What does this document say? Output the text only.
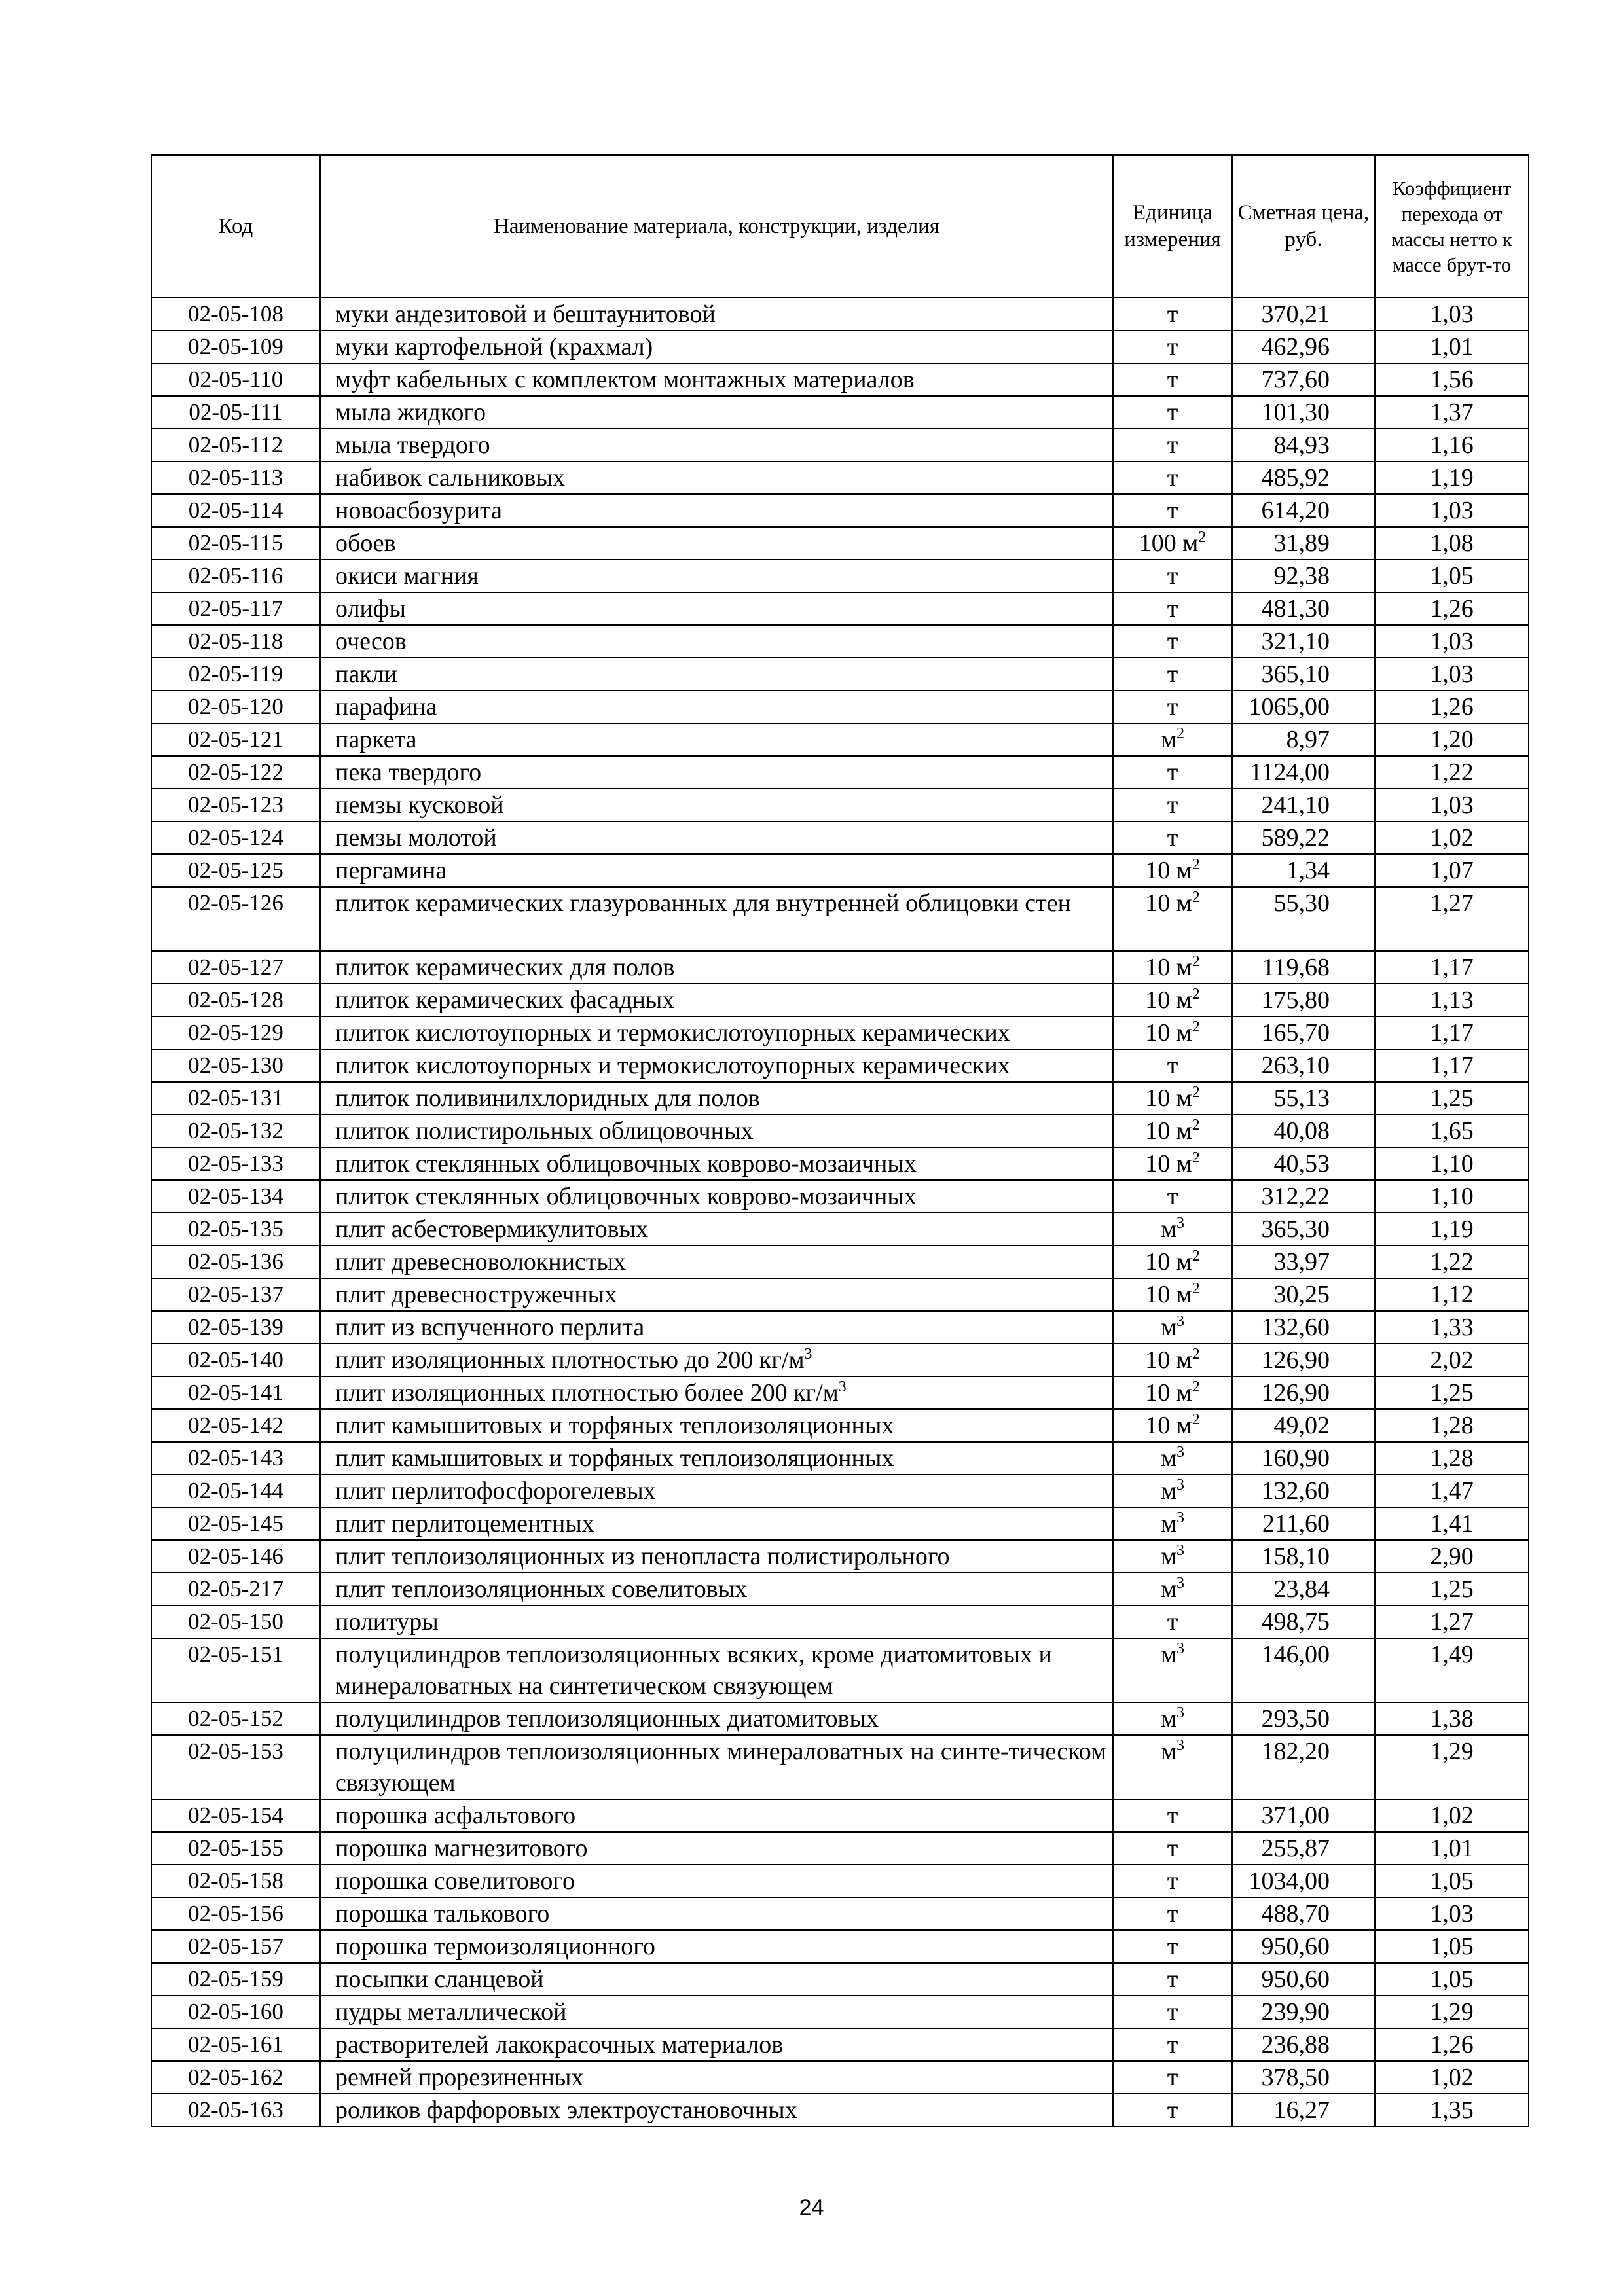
Код	Наименование материала, конструкции, изделия	Единица измерения	Сметная цена, руб.	Коэффициент перехода от массы нетто к массе брут-то
02-05-108	муки андезитовой и бештаунитовой	т	370,21	1,03
02-05-109	муки картофельной (крахмал)	т	462,96	1,01
02-05-110	муфт кабельных с комплектом монтажных материалов	т	737,60	1,56
02-05-111	мыла жидкого	т	101,30	1,37
02-05-112	мыла твердого	т	84,93	1,16
02-05-113	набивок сальниковых	т	485,92	1,19
02-05-114	новоасбозурита	т	614,20	1,03
02-05-115	обоев	100 $м^2$	31,89	1,08
02-05-116	окиси магния	т	92,38	1,05
02-05-117	олифы	т	481,30	1,26
02-05-118	очесов	т	321,10	1,03
02-05-119	пакли	т	365,10	1,03
02-05-120	парафина	т	1065,00	1,26
02-05-121	паркета	$м^2$	8,97	1,20
02-05-122	пека твердого	т	1124,00	1,22
02-05-123	пемзы кусковой	т	241,10	1,03
02-05-124	пемзы молотой	т	589,22	1,02
02-05-125	пергамина	10 $м^2$	1,34	1,07
02-05-126	плиток керамических глазурованных для внутренней облицовки стен	10 $м^2$	55,30	1,27
02-05-127	плиток керамических для полов	10 $м^2$	119,68	1,17
02-05-128	плиток керамических фасадных	10 $м^2$	175,80	1,13
02-05-129	плиток кислотоупорных и термокислотоупорных керамических	10 $м^2$	165,70	1,17
02-05-130	плиток кислотоупорных и термокислотоупорных керамических	т	263,10	1,17
02-05-131	плиток поливинилхлоридных для полов	10 $м^2$	55,13	1,25
02-05-132	плиток полистирольных облицовочных	10 $м^2$	40,08	1,65
02-05-133	плиток стеклянных облицовочных коврово-мозаичных	10 $м^2$	40,53	1,10
02-05-134	плиток стеклянных облицовочных коврово-мозаичных	т	312,22	1,10
02-05-135	плит асбестовермикулитовых	$м^3$	365,30	1,19
02-05-136	плит древесноволокнистых	10 $м^2$	33,97	1,22
02-05-137	плит древесностружечных	10 $м^2$	30,25	1,12
02-05-139	плит из вспученного перлита	$м^3$	132,60	1,33
02-05-140	плит изоляционных плотностью до 200 $кг/м^3$	10 $м^2$	126,90	2,02
02-05-141	плит изоляционных плотностью более 200 $кг/м^3$	10 $м^2$	126,90	1,25
02-05-142	плит камышитовых и торфяных теплоизоляционных	10 $м^2$	49,02	1,28
02-05-143	плит камышитовых и торфяных теплоизоляционных	$м^3$	160,90	1,28
02-05-144	плит перлитофосфорогелевых	$м^3$	132,60	1,47
02-05-145	плит перлитоцементных	$м^3$	211,60	1,41
02-05-146	плит теплоизоляционных из пенопласта полистирольного	$м^3$	158,10	2,90
02-05-217	плит теплоизоляционных совелитовых	$м^3$	23,84	1,25
02-05-150	политуры	т	498,75	1,27
02-05-151	полуцилиндров теплоизоляционных всяких, кроме диатомитовых и минераловатных на синтетическом связующем	$м^3$	146,00	1,49
02-05-152	полуцилиндров теплоизоляционных диатомитовых	$м^3$	293,50	1,38
02-05-153	полуцилиндров теплоизоляционных минераловатных на синте-тическом связующем	$м^3$	182,20	1,29
02-05-154	порошка асфальтового	т	371,00	1,02
02-05-155	порошка магнезитового	т	255,87	1,01
02-05-158	порошка совелитового	т	1034,00	1,05
02-05-156	порошка талькового	т	488,70	1,03
02-05-157	порошка термоизоляционного	т	950,60	1,05
02-05-159	посыпки сланцевой	т	950,60	1,05
02-05-160	пудры металлической	т	239,90	1,29
02-05-161	растворителей лакокрасочных материалов	т	236,88	1,26
02-05-162	ремней прорезиненных	т	378,50	1,02
02-05-163	роликов фарфоровых электроустановочных	т	16,27	1,35
24
